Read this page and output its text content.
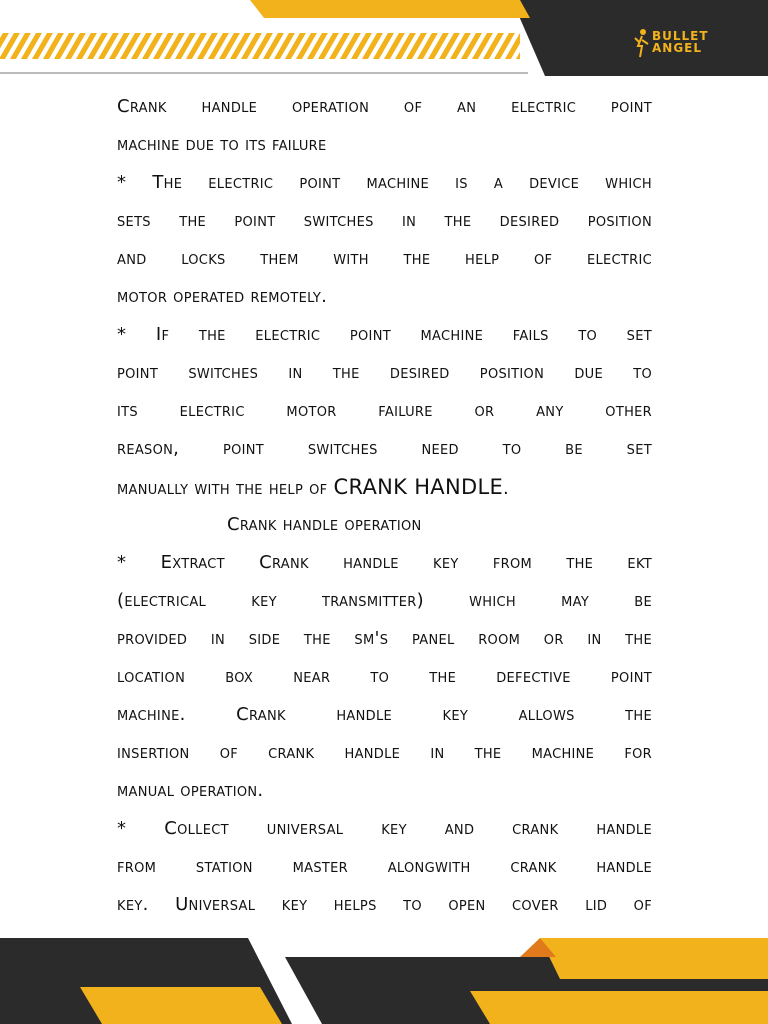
BULLET
ANGEL
Crank handle operation of an electric point
machine due to its failure
* The electric point machine is a device which
sets the point switches in the desired position
and locks them with the help of electric
motor operated remotely.
* If the electric point machine fails to set
point switches in the desired position due to
its electric motor failure or any other
reason, point switches need to be set
manually with the help of CRANK HANDLE.
Crank handle operation
* Extract Crank handle key from the ekt
(electrical key transmitter) which may be
provided in side the sm's panel room or in the
location box near to the defective point
machine. Crank handle key allows the
insertion of crank handle in the machine for
manual operation.
* Collect universal key and crank handle
from station master alongwith crank handle
key. Universal key helps to open cover lid of
